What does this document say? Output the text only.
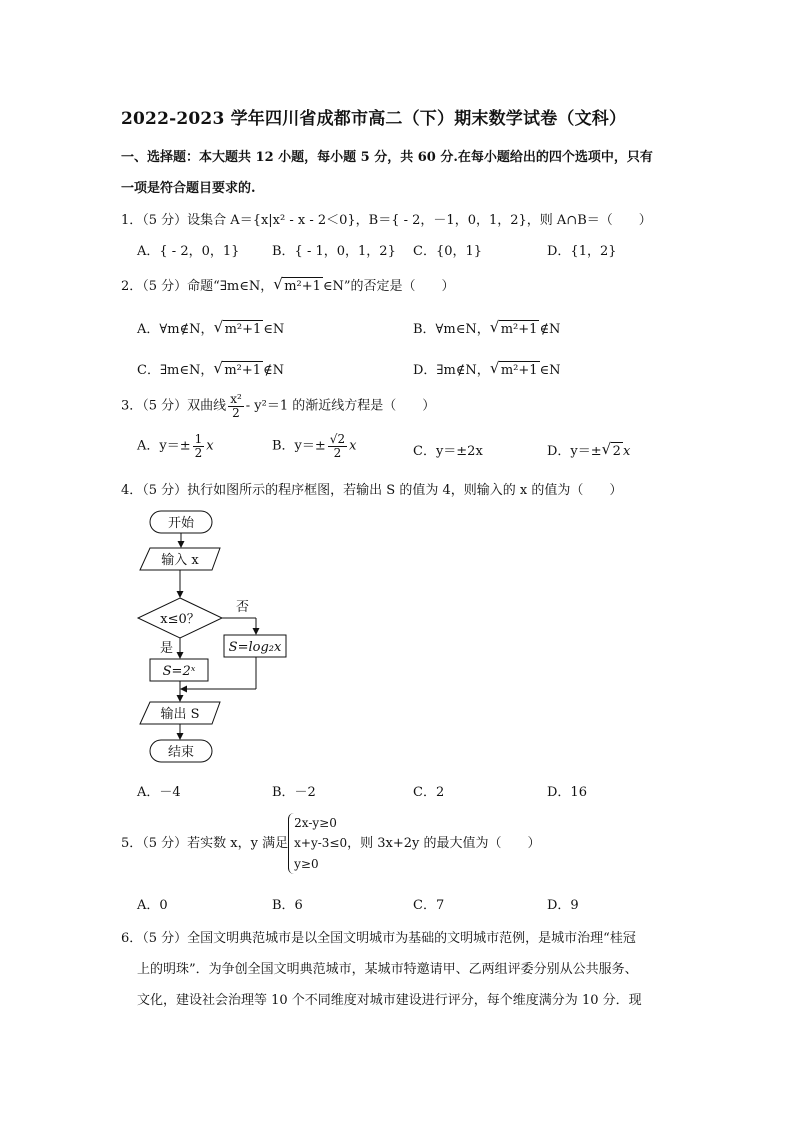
2022-2023 学年四川省成都市高二（下）期末数学试卷（文科）
一、选择题：本大题共 12 小题，每小题 5 分，共 60 分.在每小题给出的四个选项中，只有
一项是符合题目要求的.
1．（5 分）设集合 A＝{x|x² - x - 2＜0}，B＝{ - 2，－1，0，1，2}，则 A∩B＝（　　）
A．{ - 2，0，1}	B．{ - 1，0，1，2} C．{0，1}	D．{1，2}
2．（5 分）命题“∃m∈N， √ m²+1 ∈N”的否定是（　　）
A．∀m∉N， √ m²+1 ∈N	B．∀m∈N， √ m²+1 ∉N
C．∃m∈N， √ m²+1 ∉N	D．∃m∉N， √ m²+1 ∈N
3．（5 分）双曲线 $\frac{\text{x²}}{2} - y^2=1$ 的渐近线方程是（　　）
A．$y=\pm \frac{1}{2}$ x	B．$y=\pm \frac{√2}{2}$ x	C．y＝±2x	D．y＝± √ 2 x
4．（5 分）执行如图所示的程序框图，若输出 S 的值为 4，则输入的 x 的值为（　　）
开始
输入 x
x≤0？
否
S=log₂x
是
S=2ˣ
输出 S
结束
A．－4	B．－2	C．2	D．16
5．（5 分）若实数 x，y 满足
2x-y≥0
x+y-3≤0
y≥0
，则 3x+2y 的最大值为（　　）
A．0	B．6	C．7	D．9
6．（5 分）全国文明典范城市是以全国文明城市为基础的文明城市范例，是城市治理“桂冠
上的明珠”．为争创全国文明典范城市，某城市特邀请甲、乙两组评委分别从公共服务、
文化，建设社会治理等 10 个不同维度对城市建设进行评分，每个维度满分为 10 分．现
